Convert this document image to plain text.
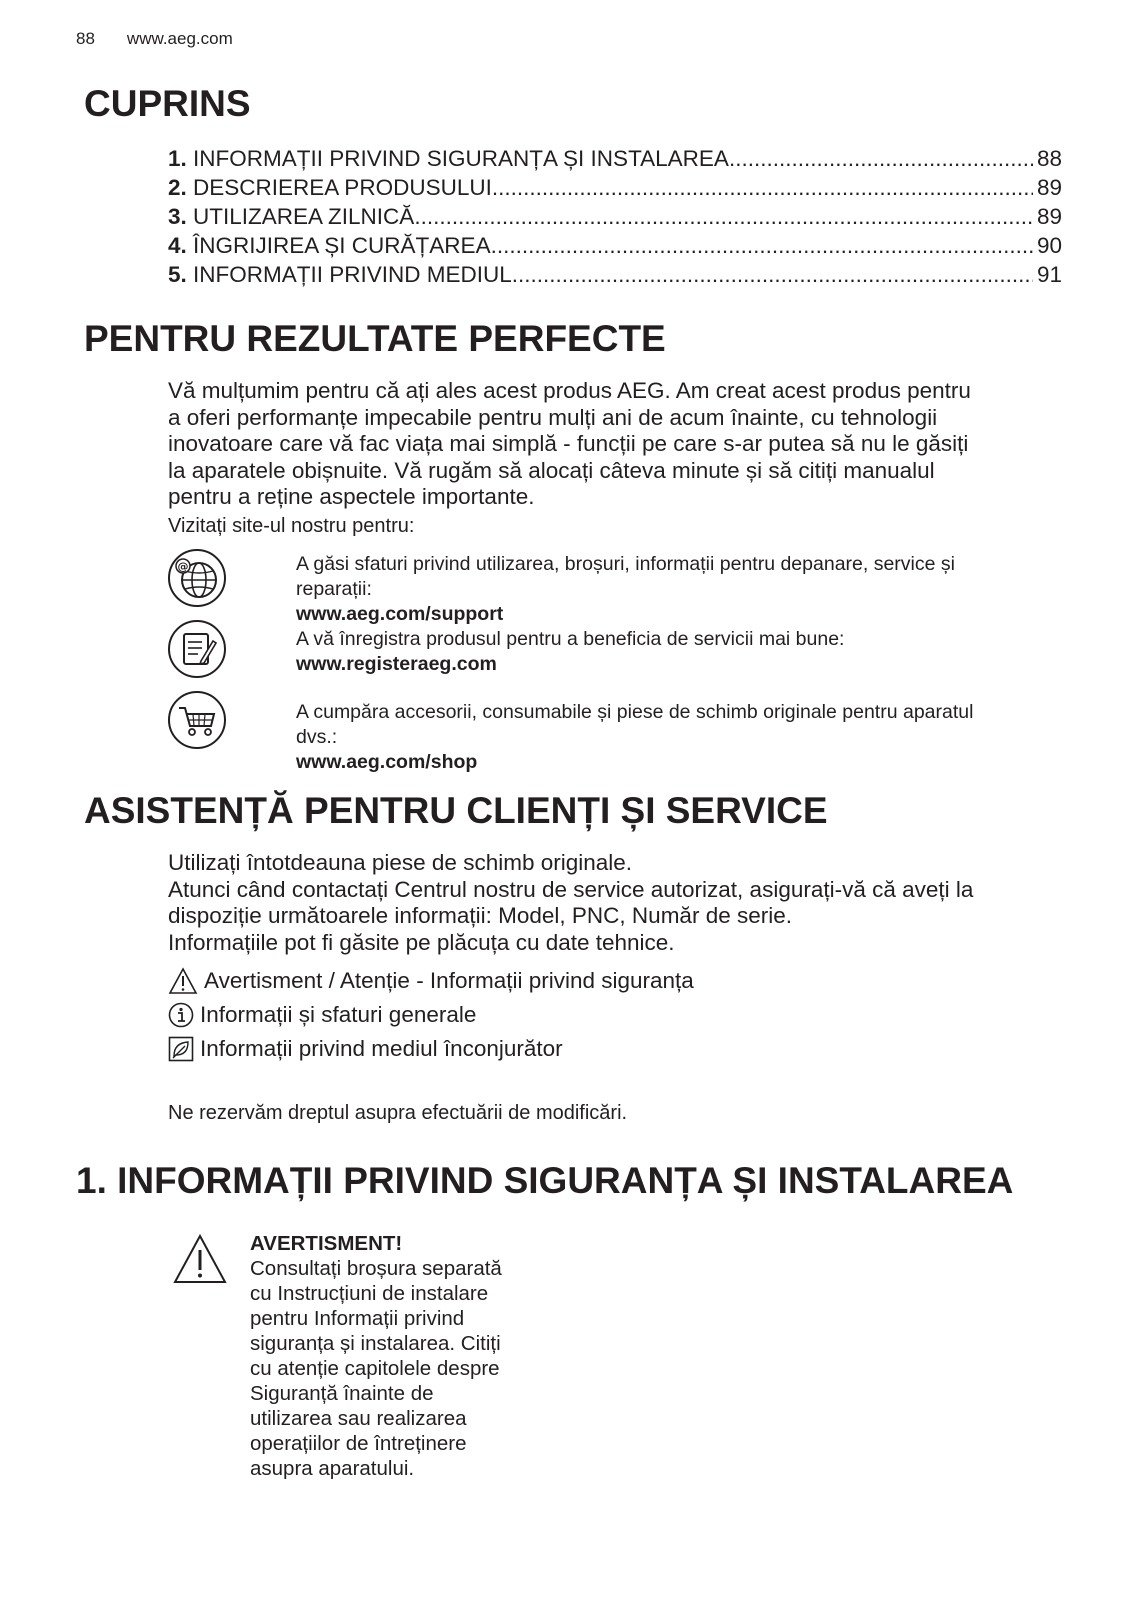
88 www.aeg.com
CUPRINS
1. INFORMAȚII PRIVIND SIGURANȚA ȘI INSTALAREA .....	88
2. DESCRIEREA PRODUSULUI .....	89
3. UTILIZAREA ZILNICĂ .....	89
4. ÎNGRIJIREA ȘI CURĂȚAREA .....	90
5. INFORMAȚII PRIVIND MEDIUL .....	91
PENTRU REZULTATE PERFECTE
Vă mulțumim pentru că ați ales acest produs AEG. Am creat acest produs pentru
a oferi performanțe impecabile pentru mulți ani de acum înainte, cu tehnologii
inovatoare care vă fac viața mai simplă - funcții pe care s-ar putea să nu le găsiți
la aparatele obișnuite. Vă rugăm să alocați câteva minute și să citiți manualul
pentru a reține aspectele importante.
Vizitați site-ul nostru pentru:
@	A găsi sfaturi privind utilizarea, broșuri, informații pentru depanare, service și
reparații:
www.aeg.com/support
A vă înregistra produsul pentru a beneficia de servicii mai bune:
www.registeraeg.com
A cumpăra accesorii, consumabile și piese de schimb originale pentru aparatul
dvs.:
www.aeg.com/shop
ASISTENȚĂ PENTRU CLIENȚI ȘI SERVICE
Utilizați întotdeauna piese de schimb originale.
Atunci când contactați Centrul nostru de service autorizat, asigurați-vă că aveți la
dispoziție următoarele informații: Model, PNC, Număr de serie.
Informațiile pot fi găsite pe plăcuța cu date tehnice.
Avertisment / Atenție - Informații privind siguranța
Informații și sfaturi generale
Informații privind mediul înconjurător
Ne rezervăm dreptul asupra efectuării de modificări.
1. INFORMAȚII PRIVIND SIGURANȚA ȘI INSTALAREA
AVERTISMENT!
Consultați broșura separată
cu Instrucțiuni de instalare
pentru Informații privind
siguranța și instalarea. Citiți
cu atenție capitolele despre
Siguranță înainte de
utilizarea sau realizarea
operațiilor de întreținere
asupra aparatului.
